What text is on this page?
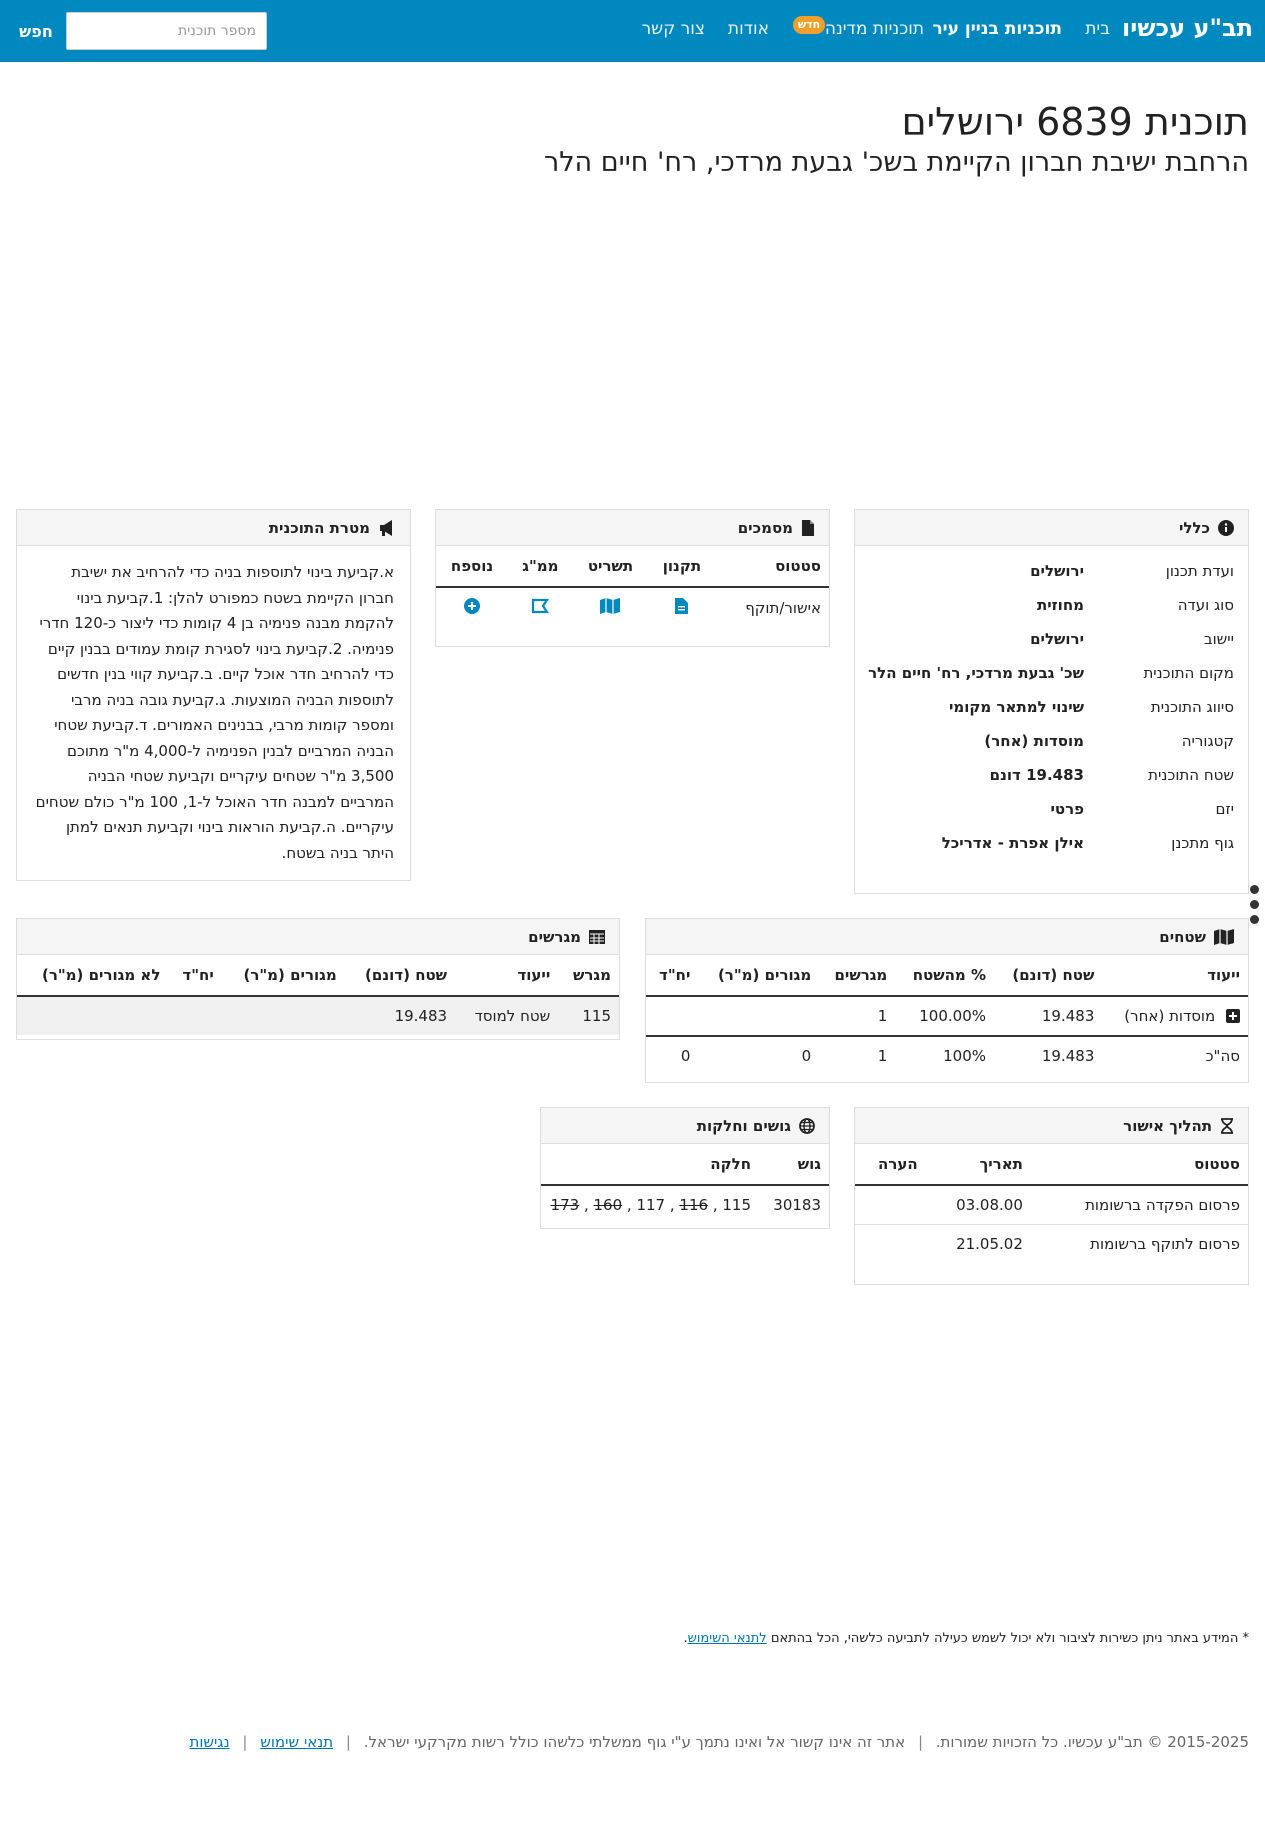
תב"ע עכשיו
בית
תוכניות בניין עיר
תוכניות מדינה
חדש
אודות
צור קשר
מספר תוכנית
חפש
תוכנית 6839 ירושלים
הרחבת ישיבת חברון הקיימת בשכ' גבעת מרדכי, רח' חיים הלר
כללי
ועדת תכנון	ירושלים
סוג ועדה	מחוזית
יישוב	ירושלים
מקום התוכנית	שכ' גבעת מרדכי, רח' חיים הלר
סיווג התוכנית	שינוי למתאר מקומי
קטגוריה	מוסדות (אחר)
שטח התוכנית	19.483 דונם
יזם	פרטי
גוף מתכנן	אילן אפרת - אדריכל
מסמכים
סטטוס	תקנון	תשריט	ממ"ג	נוספח
אישור/תוקף				
מטרת התוכנית
א.קביעת בינוי לתוספות בניה כדי להרחיב את ישיבת חברון הקיימת בשטח כמפורט להלן: 1.קביעת בינוי להקמת מבנה פנימיה בן 4 קומות כדי ליצור כ-120 חדרי פנימיה. 2.קביעת בינוי לסגירת קומת עמודים בבנין קיים כדי להרחיב חדר אוכל קיים. ב.קביעת קווי בנין חדשים לתוספות הבניה המוצעות. ג.קביעת גובה בניה מרבי ומספר קומות מרבי, בבנינים האמורים. ד.קביעת שטחי הבניה המרביים לבנין הפנימיה ל-4,000 מ"ר מתוכם 3,500 מ"ר שטחים עיקריים וקביעת שטחי הבניה המרביים למבנה חדר האוכל ל-1, 100 מ"ר כולם שטחים עיקריים. ה.קביעת הוראות בינוי וקביעת תנאים למתן היתר בניה בשטח.
שטחים
ייעוד	שטח (דונם)	% מהשטח	מגרשים	מגורים (מ"ר)	יח"ד
מוסדות (אחר)	19.483	100.00%	1		
סה"כ	19.483	100%	1	0	0
מגרשים
מגרש	ייעוד	שטח (דונם)	מגורים (מ"ר)	יח"ד	לא מגורים (מ"ר)
115	שטח למוסד	19.483			
תהליך אישור
סטטוס	תאריך	הערה
פרסום הפקדה ברשומות	03.08.00	
פרסום לתוקף ברשומות	21.05.02	
גושים וחלקות
גוש	חלקה
30183	115 , 116 , 117 , 160 , 173
* המידע באתר ניתן כשירות לציבור ולא יכול לשמש כעילה לתביעה כלשהי, הכל בהתאם לתנאי השימוש.
2015-2025 © תב"ע עכשיו. כל הזכויות שמורות. | אתר זה אינו קשור אל ואינו נתמך ע"י גוף ממשלתי כלשהו כולל רשות מקרקעי ישראל. | תנאי שימוש | נגישות
